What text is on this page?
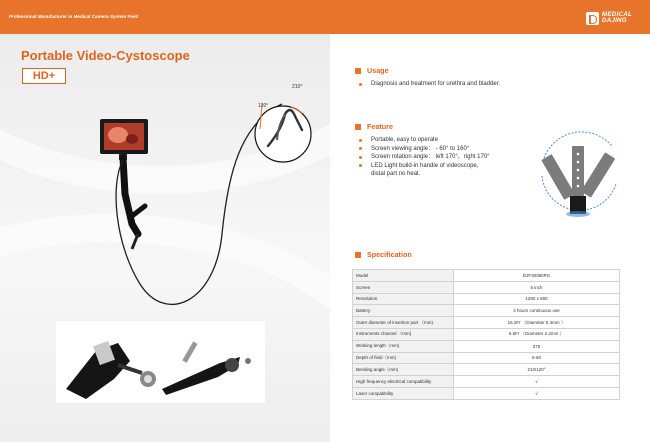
Professional Manufacturer in Medical Camera System Field	MEDICAL
DAJING
Portable Video-Cystoscope
HD+
210°
120°
Usage
Diagnosis and treatment for urethra and bladder.
Feature
Portable, easy to operate
Screen viewing angle： - 60° to 160°
Screen rotation angle： left 170°，right 170°
LED Light build-in handle of videoscope，
distal part no heat.
Specification
Model	DJF30380PG
Screen	5 inch
Resolution	1280 x 800
Battery	4 hours continuous use
Outer diameter of insertion part （mm)	16.2Fr （Diameter 5.4mm ）
Instruments channel （mm)	6.6Fr （Diameter 2.2mm ）
Working length（mm)	370
Depth of field（mm)	5-50
Bending angle（mm)	210/120°
High frequency electrical compatibility	√
Laser compatibility	√
